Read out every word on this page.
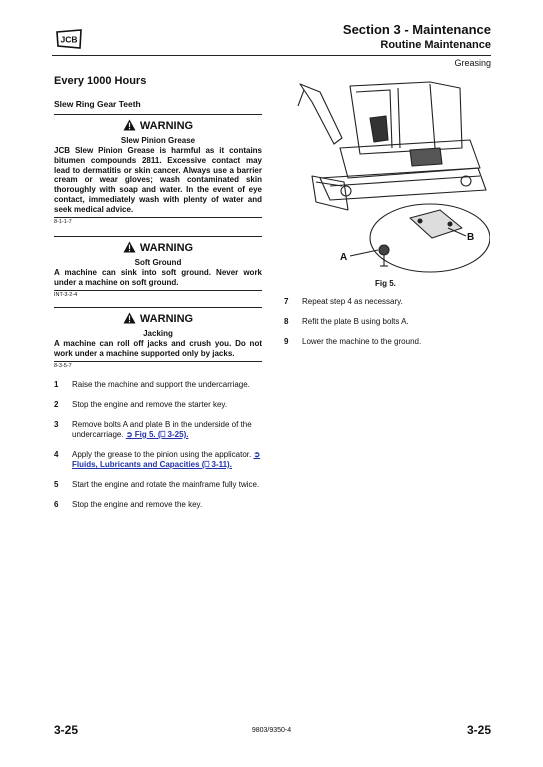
JCB
Section 3 - Maintenance
Routine Maintenance
Greasing
Every 1000 Hours
Slew Ring Gear Teeth
WARNING
Slew Pinion Grease
JCB Slew Pinion Grease is harmful as it contains bitumen compounds 2811. Excessive contact may lead to dermatitis or skin cancer. Always use a barrier cream or wear gloves; wash contaminated skin thoroughly with soap and water. In the event of eye contact, immediately wash with plenty of water and seek medical advice.
8-1-1-7
WARNING
Soft Ground
A machine can sink into soft ground. Never work under a machine on soft ground.
INT-3-2-4
WARNING
Jacking
A machine can roll off jacks and crush you. Do not work under a machine supported only by jacks.
8-3-5-7
1 Raise the machine and support the undercarriage.
2 Stop the engine and remove the starter key.
3 Remove bolts A and plate B in the underside of the undercarriage. ➲ Fig 5. (⎕ 3-25).
4 Apply the grease to the pinion using the applicator. ➲ Fluids, Lubricants and Capacities (⎕ 3-11).
5 Start the engine and rotate the mainframe fully twice.
6 Stop the engine and remove the key.
A
B
Fig 5.
7 Repeat step 4 as necessary.
8 Refit the plate B using bolts A.
9 Lower the machine to the ground.
3-25	9803/9350-4	3-25
